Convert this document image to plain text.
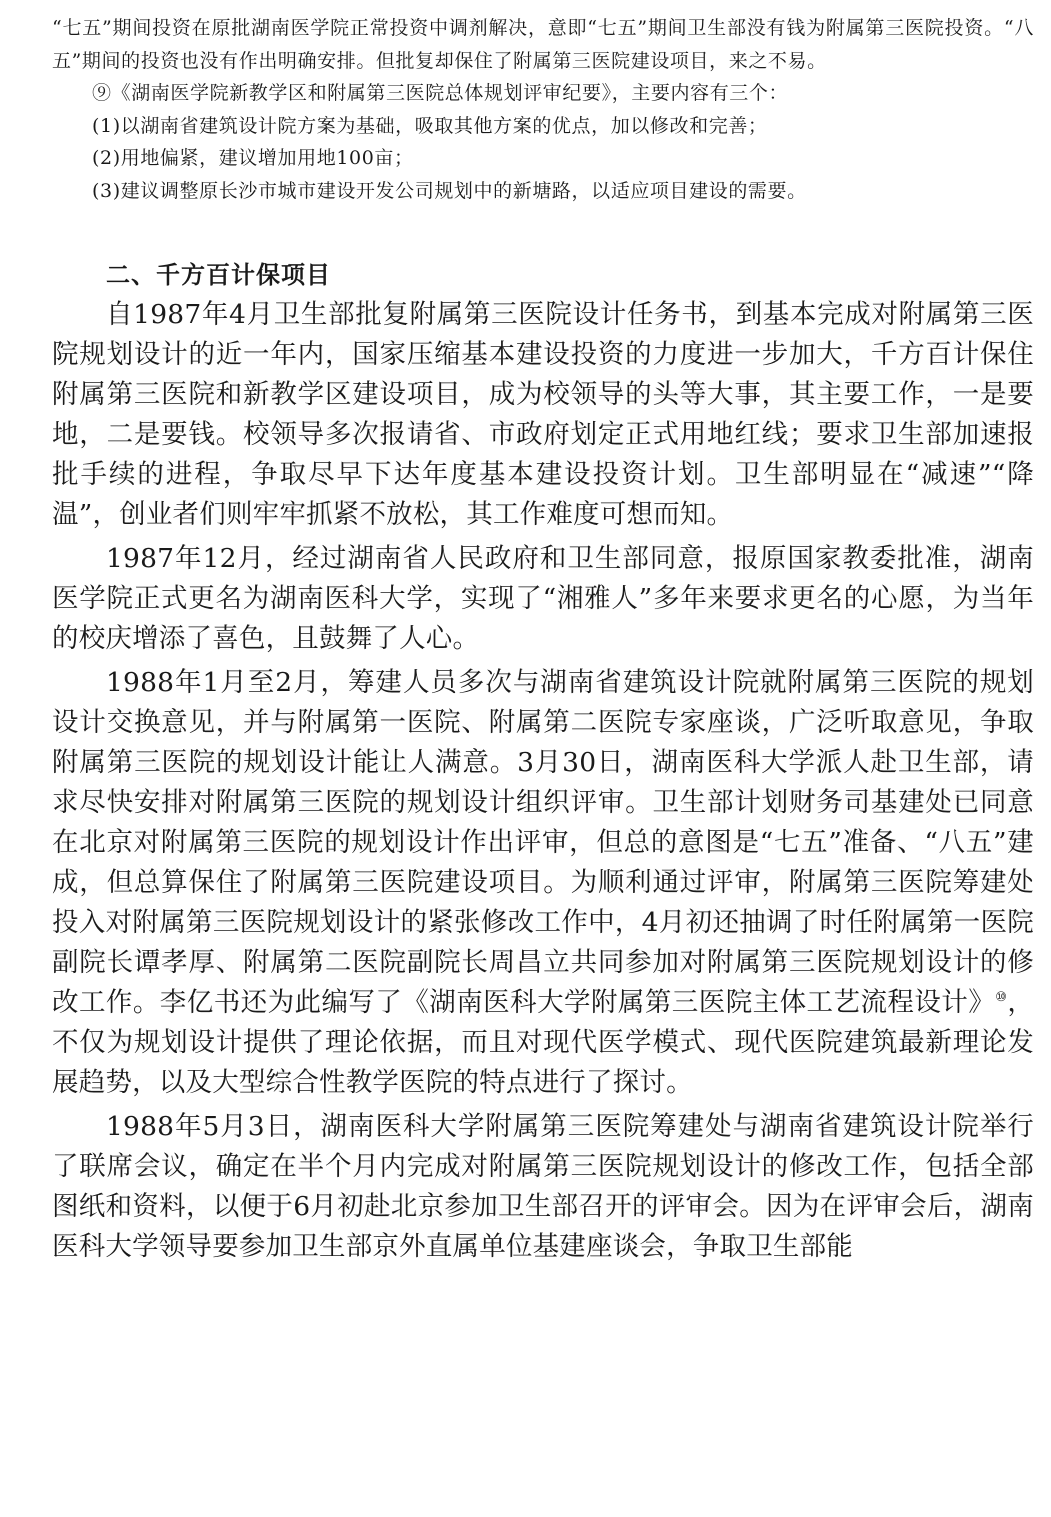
“七五”期间投资在原批湖南医学院正常投资中调剂解决，意即“七五”期间卫生部没有钱为附属第三医院投资。“八五”期间的投资也没有作出明确安排。但批复却保住了附属第三医院建设项目，来之不易。

⑨《湖南医学院新教学区和附属第三医院总体规划评审纪要》，主要内容有三个：

(1)以湖南省建筑设计院方案为基础，吸取其他方案的优点，加以修改和完善；

(2)用地偏紧，建议增加用地100亩；

(3)建议调整原长沙市城市建设开发公司规划中的新塘路，以适应项目建设的需要。

二、千方百计保项目

自1987年4月卫生部批复附属第三医院设计任务书，到基本完成对附属第三医院规划设计的近一年内，国家压缩基本建设投资的力度进一步加大，千方百计保住附属第三医院和新教学区建设项目，成为校领导的头等大事，其主要工作，一是要地，二是要钱。校领导多次报请省、市政府划定正式用地红线；要求卫生部加速报批手续的进程，争取尽早下达年度基本建设投资计划。卫生部明显在“减速”“降温”，创业者们则牢牢抓紧不放松，其工作难度可想而知。

1987年12月，经过湖南省人民政府和卫生部同意，报原国家教委批准，湖南医学院正式更名为湖南医科大学，实现了“湘雅人”多年来要求更名的心愿，为当年的校庆增添了喜色，且鼓舞了人心。

1988年1月至2月，筹建人员多次与湖南省建筑设计院就附属第三医院的规划设计交换意见，并与附属第一医院、附属第二医院专家座谈，广泛听取意见，争取附属第三医院的规划设计能让人满意。3月30日，湖南医科大学派人赴卫生部，请求尽快安排对附属第三医院的规划设计组织评审。卫生部计划财务司基建处已同意在北京对附属第三医院的规划设计作出评审，但总的意图是“七五”准备、“八五”建成，但总算保住了附属第三医院建设项目。为顺利通过评审，附属第三医院筹建处投入对附属第三医院规划设计的紧张修改工作中，4月初还抽调了时任附属第一医院副院长谭孝厚、附属第二医院副院长周昌立共同参加对附属第三医院规划设计的修改工作。李亿书还为此编写了《湖南医科大学附属第三医院主体工艺流程设计》⑩，不仅为规划设计提供了理论依据，而且对现代医学模式、现代医院建筑最新理论发展趋势，以及大型综合性教学医院的特点进行了探讨。

1988年5月3日，湖南医科大学附属第三医院筹建处与湖南省建筑设计院举行了联席会议，确定在半个月内完成对附属第三医院规划设计的修改工作，包括全部图纸和资料，以便于6月初赴北京参加卫生部召开的评审会。因为在评审会后，湖南医科大学领导要参加卫生部京外直属单位基建座谈会，争取卫生部能
